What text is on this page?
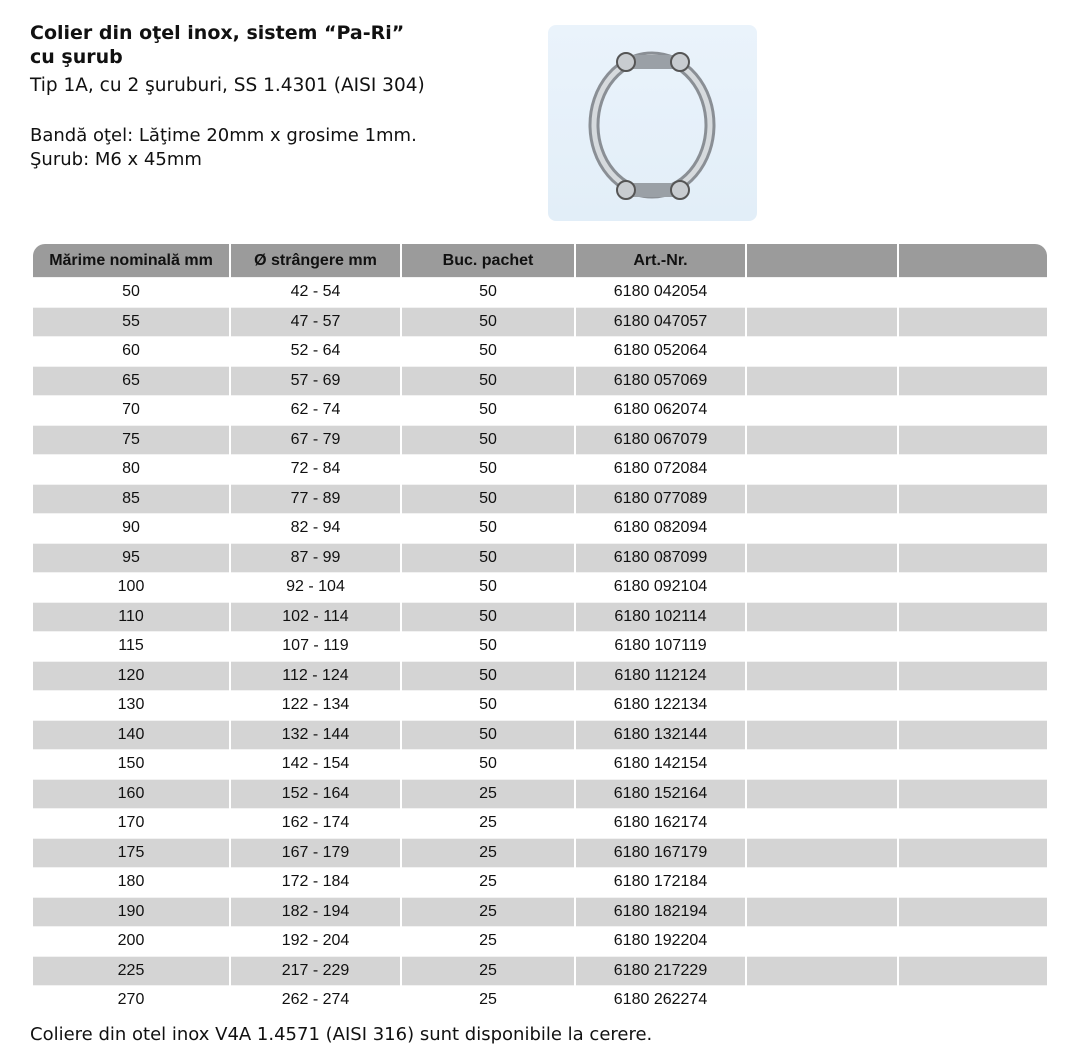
Colier din oţel inox, sistem “Pa-Ri”
cu şurub
Tip 1A, cu 2 şuruburi, SS 1.4301 (AISI 304)
Bandă oţel: Lăţime 20mm x grosime 1mm.
Şurub: M6 x 45mm
Mărime nominală mm	Ø strângere mm	Buc. pachet	Art.-Nr.		
50	42 - 54	50	6180 042054		
55	47 - 57	50	6180 047057		
60	52 - 64	50	6180 052064		
65	57 - 69	50	6180 057069		
70	62 - 74	50	6180 062074		
75	67 - 79	50	6180 067079		
80	72 - 84	50	6180 072084		
85	77 - 89	50	6180 077089		
90	82 - 94	50	6180 082094		
95	87 - 99	50	6180 087099		
100	92 - 104	50	6180 092104		
110	102 - 114	50	6180 102114		
115	107 - 119	50	6180 107119		
120	112 - 124	50	6180 112124		
130	122 - 134	50	6180 122134		
140	132 - 144	50	6180 132144		
150	142 - 154	50	6180 142154		
160	152 - 164	25	6180 152164		
170	162 - 174	25	6180 162174		
175	167 - 179	25	6180 167179		
180	172 - 184	25	6180 172184		
190	182 - 194	25	6180 182194		
200	192 - 204	25	6180 192204		
225	217 - 229	25	6180 217229		
270	262 - 274	25	6180 262274		
Coliere din otel inox V4A 1.4571 (AISI 316) sunt disponibile la cerere.
